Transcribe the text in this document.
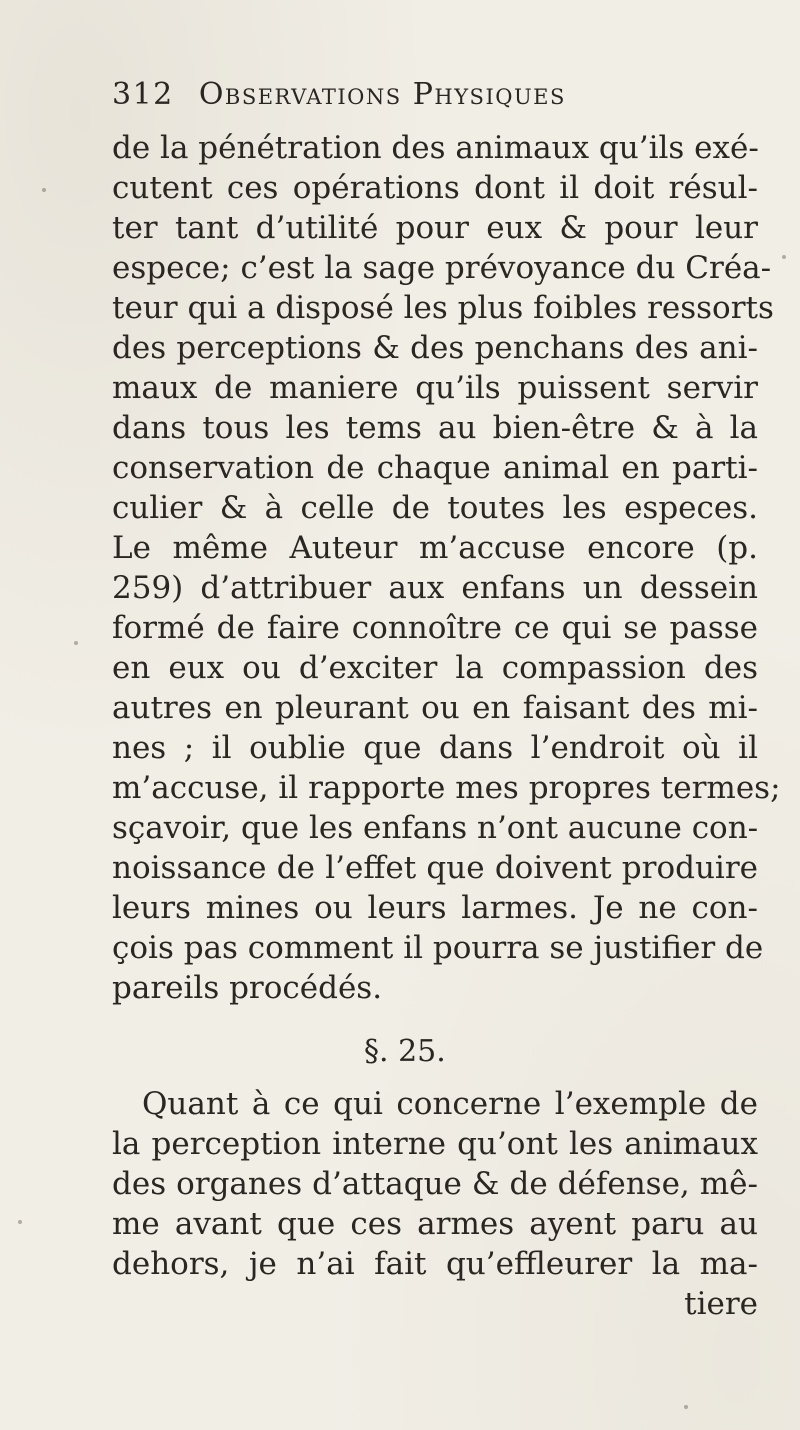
312 Observations Physiques
de la pénétration des animaux qu’ils exé-
cutent ces opérations dont il doit résul-
ter tant d’utilité pour eux & pour leur
espece; c’est la sage prévoyance du Créa-
teur qui a disposé les plus foibles ressorts
des perceptions & des penchans des ani-
maux de maniere qu’ils puissent servir
dans tous les tems au bien-être & à la
conservation de chaque animal en parti-
culier & à celle de toutes les especes.
Le même Auteur m’accuse encore (p.
259) d’attribuer aux enfans un dessein
formé de faire connoître ce qui se passe
en eux ou d’exciter la compassion des
autres en pleurant ou en faisant des mi-
nes ; il oublie que dans l’endroit où il
m’accuse, il rapporte mes propres termes;
sçavoir, que les enfans n’ont aucune con-
noissance de l’effet que doivent produire
leurs mines ou leurs larmes. Je ne con-
çois pas comment il pourra se justifier de
pareils procédés.
§. 25.
Quant à ce qui concerne l’exemple de
la perception interne qu’ont les animaux
des organes d’attaque & de défense, mê-
me avant que ces armes ayent paru au
dehors, je n’ai fait qu’effleurer la ma-
tiere
